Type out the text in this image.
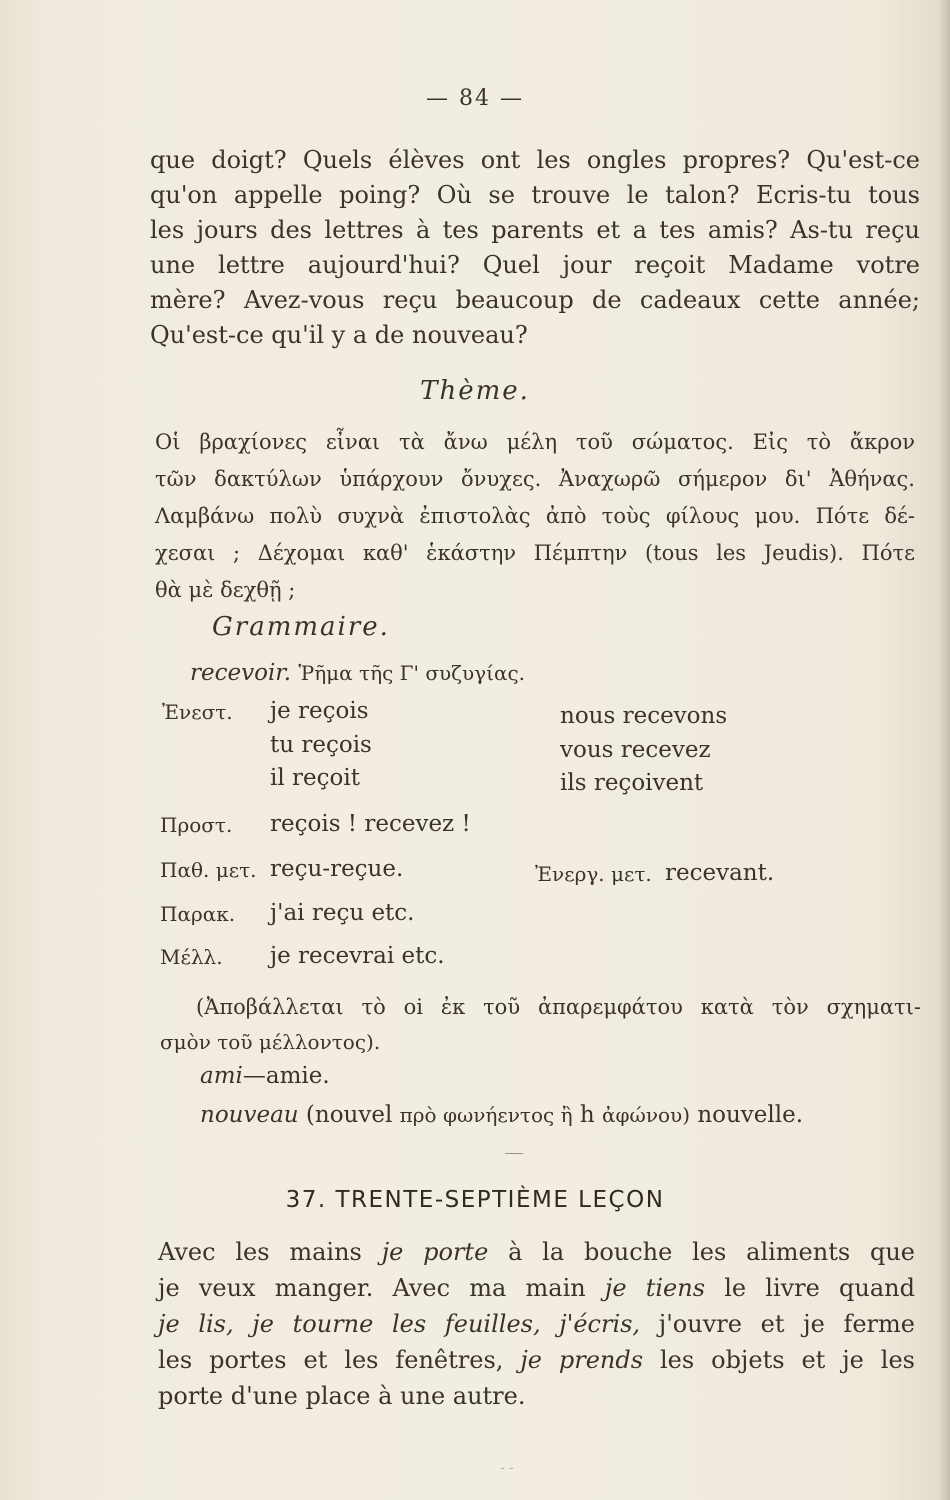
— 84 —
que doigt? Quels élèves ont les ongles propres? Qu'est-ce
qu'on appelle poing? Où se trouve le talon? Ecris-tu tous
les jours des lettres à tes parents et a tes amis? As-tu reçu
une lettre aujourd'hui? Quel jour reçoit Madame votre
mère? Avez-vous reçu beaucoup de cadeaux cette année;
Qu'est-ce qu'il y a de nouveau?
Thème.
Οἱ βραχίονες εἶναι τὰ ἄνω μέλη τοῦ σώματος. Εἰς τὸ ἄκρον
τῶν δακτύλων ὑπάρχουν ὄνυχες. Ἀναχωρῶ σήμερον δι' Ἀθήνας.
Λαμβάνω πολὺ συχνὰ ἐπιστολὰς ἀπὸ τοὺς φίλους μου. Πότε δέ-
χεσαι ; Δέχομαι καθ' ἑκάστην Πέμπτην (tous les Jeudis). Πότε
θὰ μὲ δεχθῇ ;
Grammaire.
recevoir. Ῥῆμα τῆς Γ' συζυγίας.
Ἐνεστ. je reçois
tu reçois
il reçoit
nous recevons
vous recevez
ils reçoivent
Προστ. reçois ! recevez !
Παθ. μετ. reçu-reçue.	Ἐνεργ. μετ. recevant.
Παρακ. j'ai reçu etc.
Μέλλ. je recevrai etc.
(Ἀποβάλλεται τὸ oi ἐκ τοῦ ἀπαρεμφάτου κατὰ τὸν σχηματι-
σμὸν τοῦ μέλλοντος).
ami—amie.
nouveau (nouvel πρὸ φωνήεντος ἢ h ἀφώνου) nouvelle.
37. TRENTE-SEPTIÈME LEÇON
Avec les mains je porte à la bouche les aliments que
je veux manger. Avec ma main je tiens le livre quand
je lis, je tourne les feuilles, j'écris, j'ouvre et je ferme
les portes et les fenêtres, je prends les objets et je les
porte d'une place à une autre.
- -
